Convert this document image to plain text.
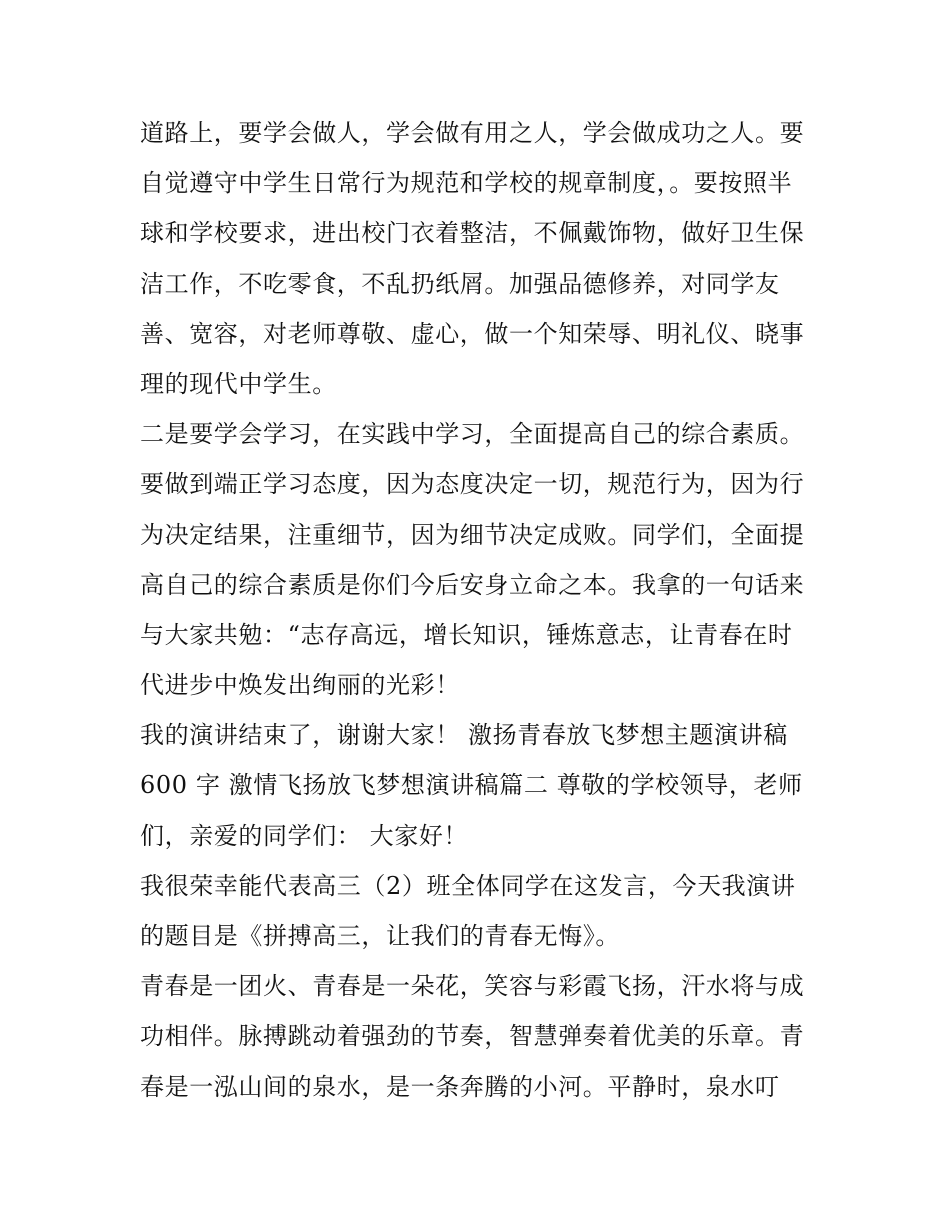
道路上，要学会做人，学会做有用之人，学会做成功之人。要
自觉遵守中学生日常行为规范和学校的规章制度，。要按照半
球和学校要求，进出校门衣着整洁，不佩戴饰物，做好卫生保
洁工作，不吃零食，不乱扔纸屑。加强品德修养，对同学友
善、宽容，对老师尊敬、虚心，做一个知荣辱、明礼仪、晓事
理的现代中学生。
二是要学会学习，在实践中学习，全面提高自己的综合素质。
要做到端正学习态度，因为态度决定一切，规范行为，因为行
为决定结果，注重细节，因为细节决定成败。同学们，全面提
高自己的综合素质是你们今后安身立命之本。我拿的一句话来
与大家共勉：“志存高远，增长知识，锤炼意志，让青春在时
代进步中焕发出绚丽的光彩！
我的演讲结束了，谢谢大家！ 激扬青春放飞梦想主题演讲稿
600 字 激情飞扬放飞梦想演讲稿篇二 尊敬的学校领导，老师
们，亲爱的同学们： 大家好！
我很荣幸能代表高三（2）班全体同学在这发言，今天我演讲
的题目是《拼搏高三，让我们的青春无悔》。
青春是一团火、青春是一朵花，笑容与彩霞飞扬，汗水将与成
功相伴。脉搏跳动着强劲的节奏，智慧弹奏着优美的乐章。青
春是一泓山间的泉水，是一条奔腾的小河。平静时，泉水叮
